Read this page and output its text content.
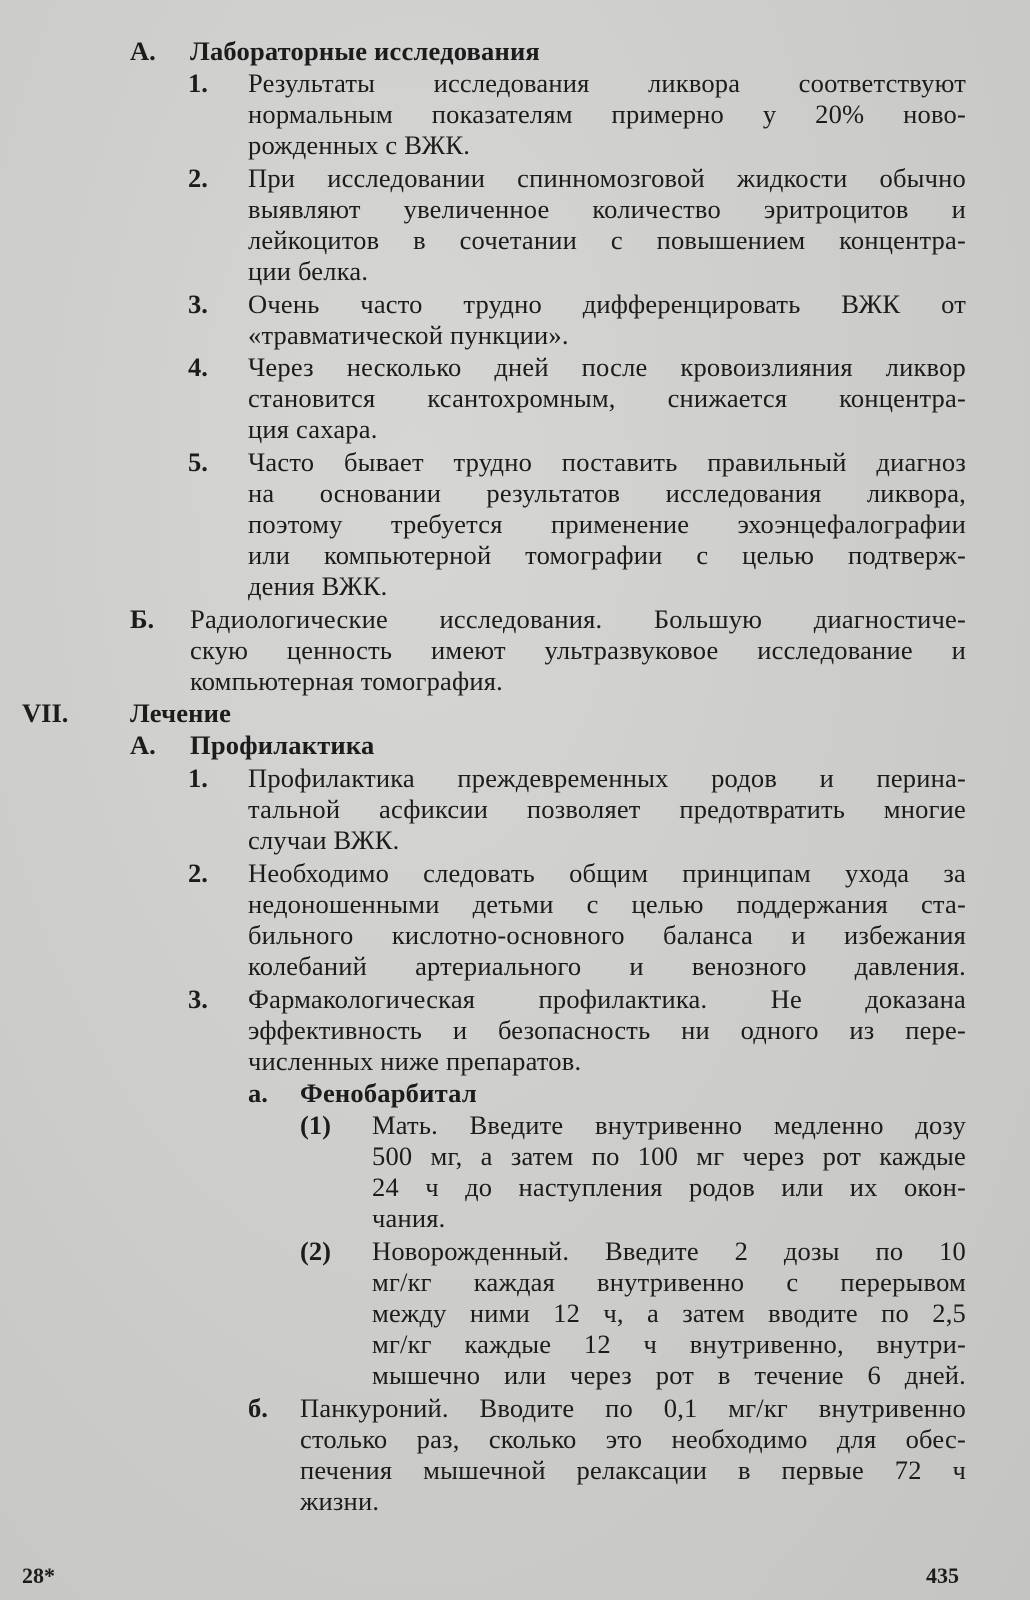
А. Лабораторные исследования
1. Результаты исследования ликвора соответствуют
нормальным показателям примерно у 20% ново-
рожденных с ВЖК.
2. При исследовании спинномозговой жидкости обычно
выявляют увеличенное количество эритроцитов и
лейкоцитов в сочетании с повышением концентра-
ции белка.
3. Очень часто трудно дифференцировать ВЖК от
«травматической пункции».
4. Через несколько дней после кровоизлияния ликвор
становится ксантохромным, снижается концентра-
ция сахара.
5. Часто бывает трудно поставить правильный диагноз
на основании результатов исследования ликвора,
поэтому требуется применение эхоэнцефалографии
или компьютерной томографии с целью подтверж-
дения ВЖК.
Б. Радиологические исследования. Большую диагностиче-
скую ценность имеют ультразвуковое исследование и
компьютерная томография.
VII. Лечение
А. Профилактика
1. Профилактика преждевременных родов и перина-
тальной асфиксии позволяет предотвратить многие
случаи ВЖК.
2. Необходимо следовать общим принципам ухода за
недоношенными детьми с целью поддержания ста-
бильного кислотно-основного баланса и избежания
колебаний артериального и венозного давления.
3. Фармакологическая профилактика. Не доказана
эффективность и безопасность ни одного из пере-
численных ниже препаратов.
а. Фенобарбитал
(1) Мать. Введите внутривенно медленно дозу
500 мг, а затем по 100 мг через рот каждые
24 ч до наступления родов или их окон-
чания.
(2) Новорожденный. Введите 2 дозы по 10
мг/кг каждая внутривенно с перерывом
между ними 12 ч, а затем вводите по 2,5
мг/кг каждые 12 ч внутривенно, внутри-
мышечно или через рот в течение 6 дней.
б. Панкуроний. Вводите по 0,1 мг/кг внутривенно
столько раз, сколько это необходимо для обес-
печения мышечной релаксации в первые 72 ч
жизни.
28*	435
